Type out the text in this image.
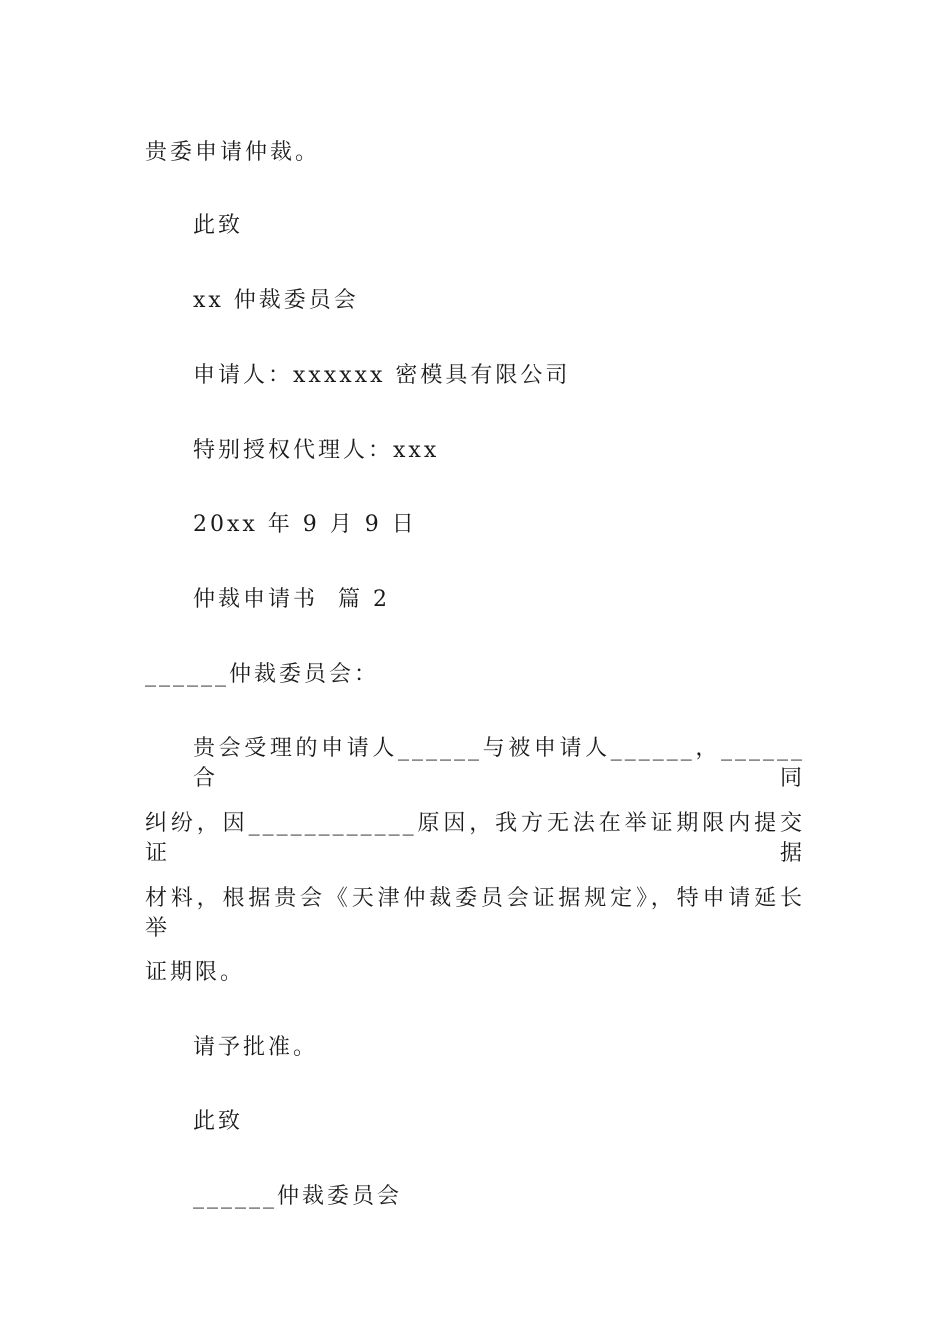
贵委申请仲裁。
此致
xx 仲裁委员会
申请人：xxxxxx 密模具有限公司
特别授权代理人：xxx
20xx 年 9 月 9 日
仲裁申请书  篇 2
______仲裁委员会：
贵会受理的申请人______与被申请人______，______合同
纠纷，因____________原因，我方无法在举证期限内提交证据
材料，根据贵会《天津仲裁委员会证据规定》，特申请延长举
证期限。
请予批准。
此致
______仲裁委员会
